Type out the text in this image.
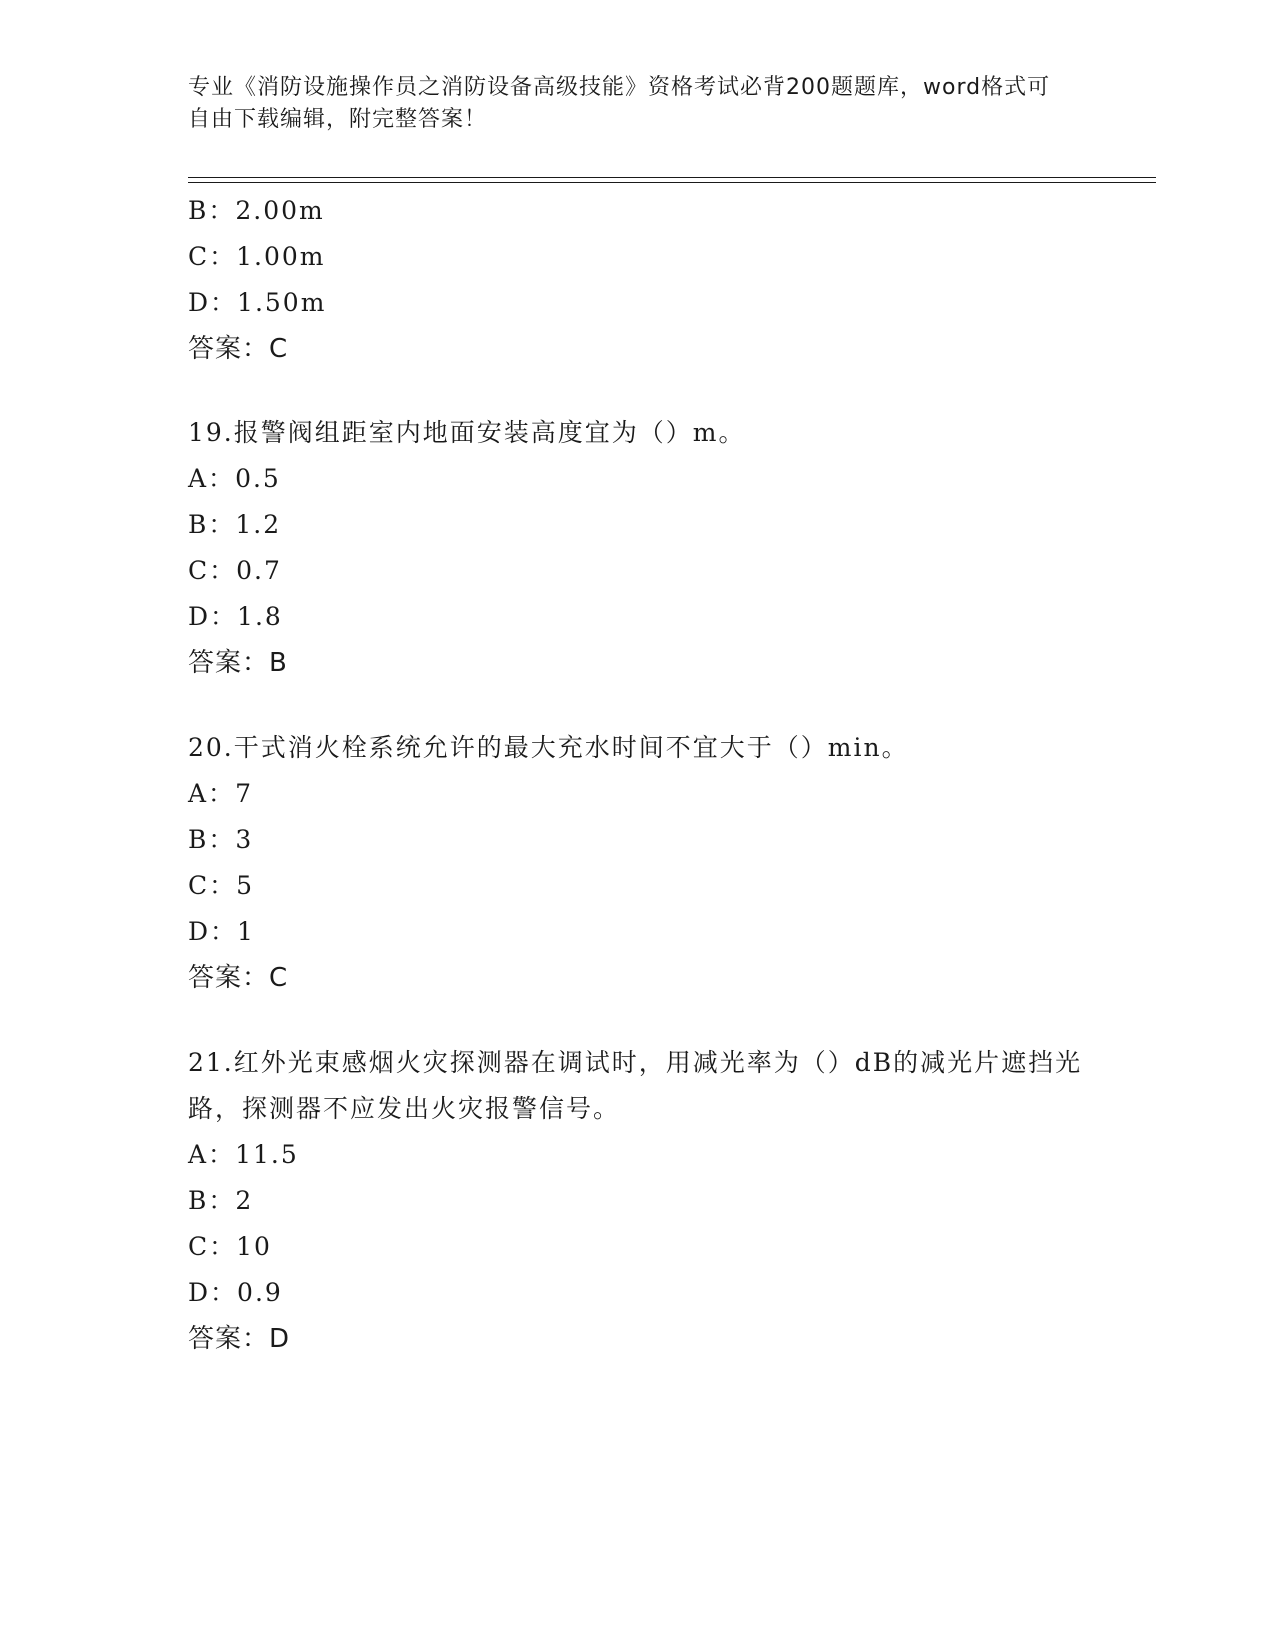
专业《消防设施操作员之消防设备高级技能》资格考试必背200题题库，word格式可自由下载编辑，附完整答案！
B：2.00m
C：1.00m
D：1.50m
答案：C
19.报警阀组距室内地面安装高度宜为（）m。
A：0.5
B：1.2
C：0.7
D：1.8
答案：B
20.干式消火栓系统允许的最大充水时间不宜大于（）min。
A：7
B：3
C：5
D：1
答案：C
21.红外光束感烟火灾探测器在调试时，用减光率为（）dB的减光片遮挡光路，探测器不应发出火灾报警信号。
A：11.5
B：2
C：10
D：0.9
答案：D
